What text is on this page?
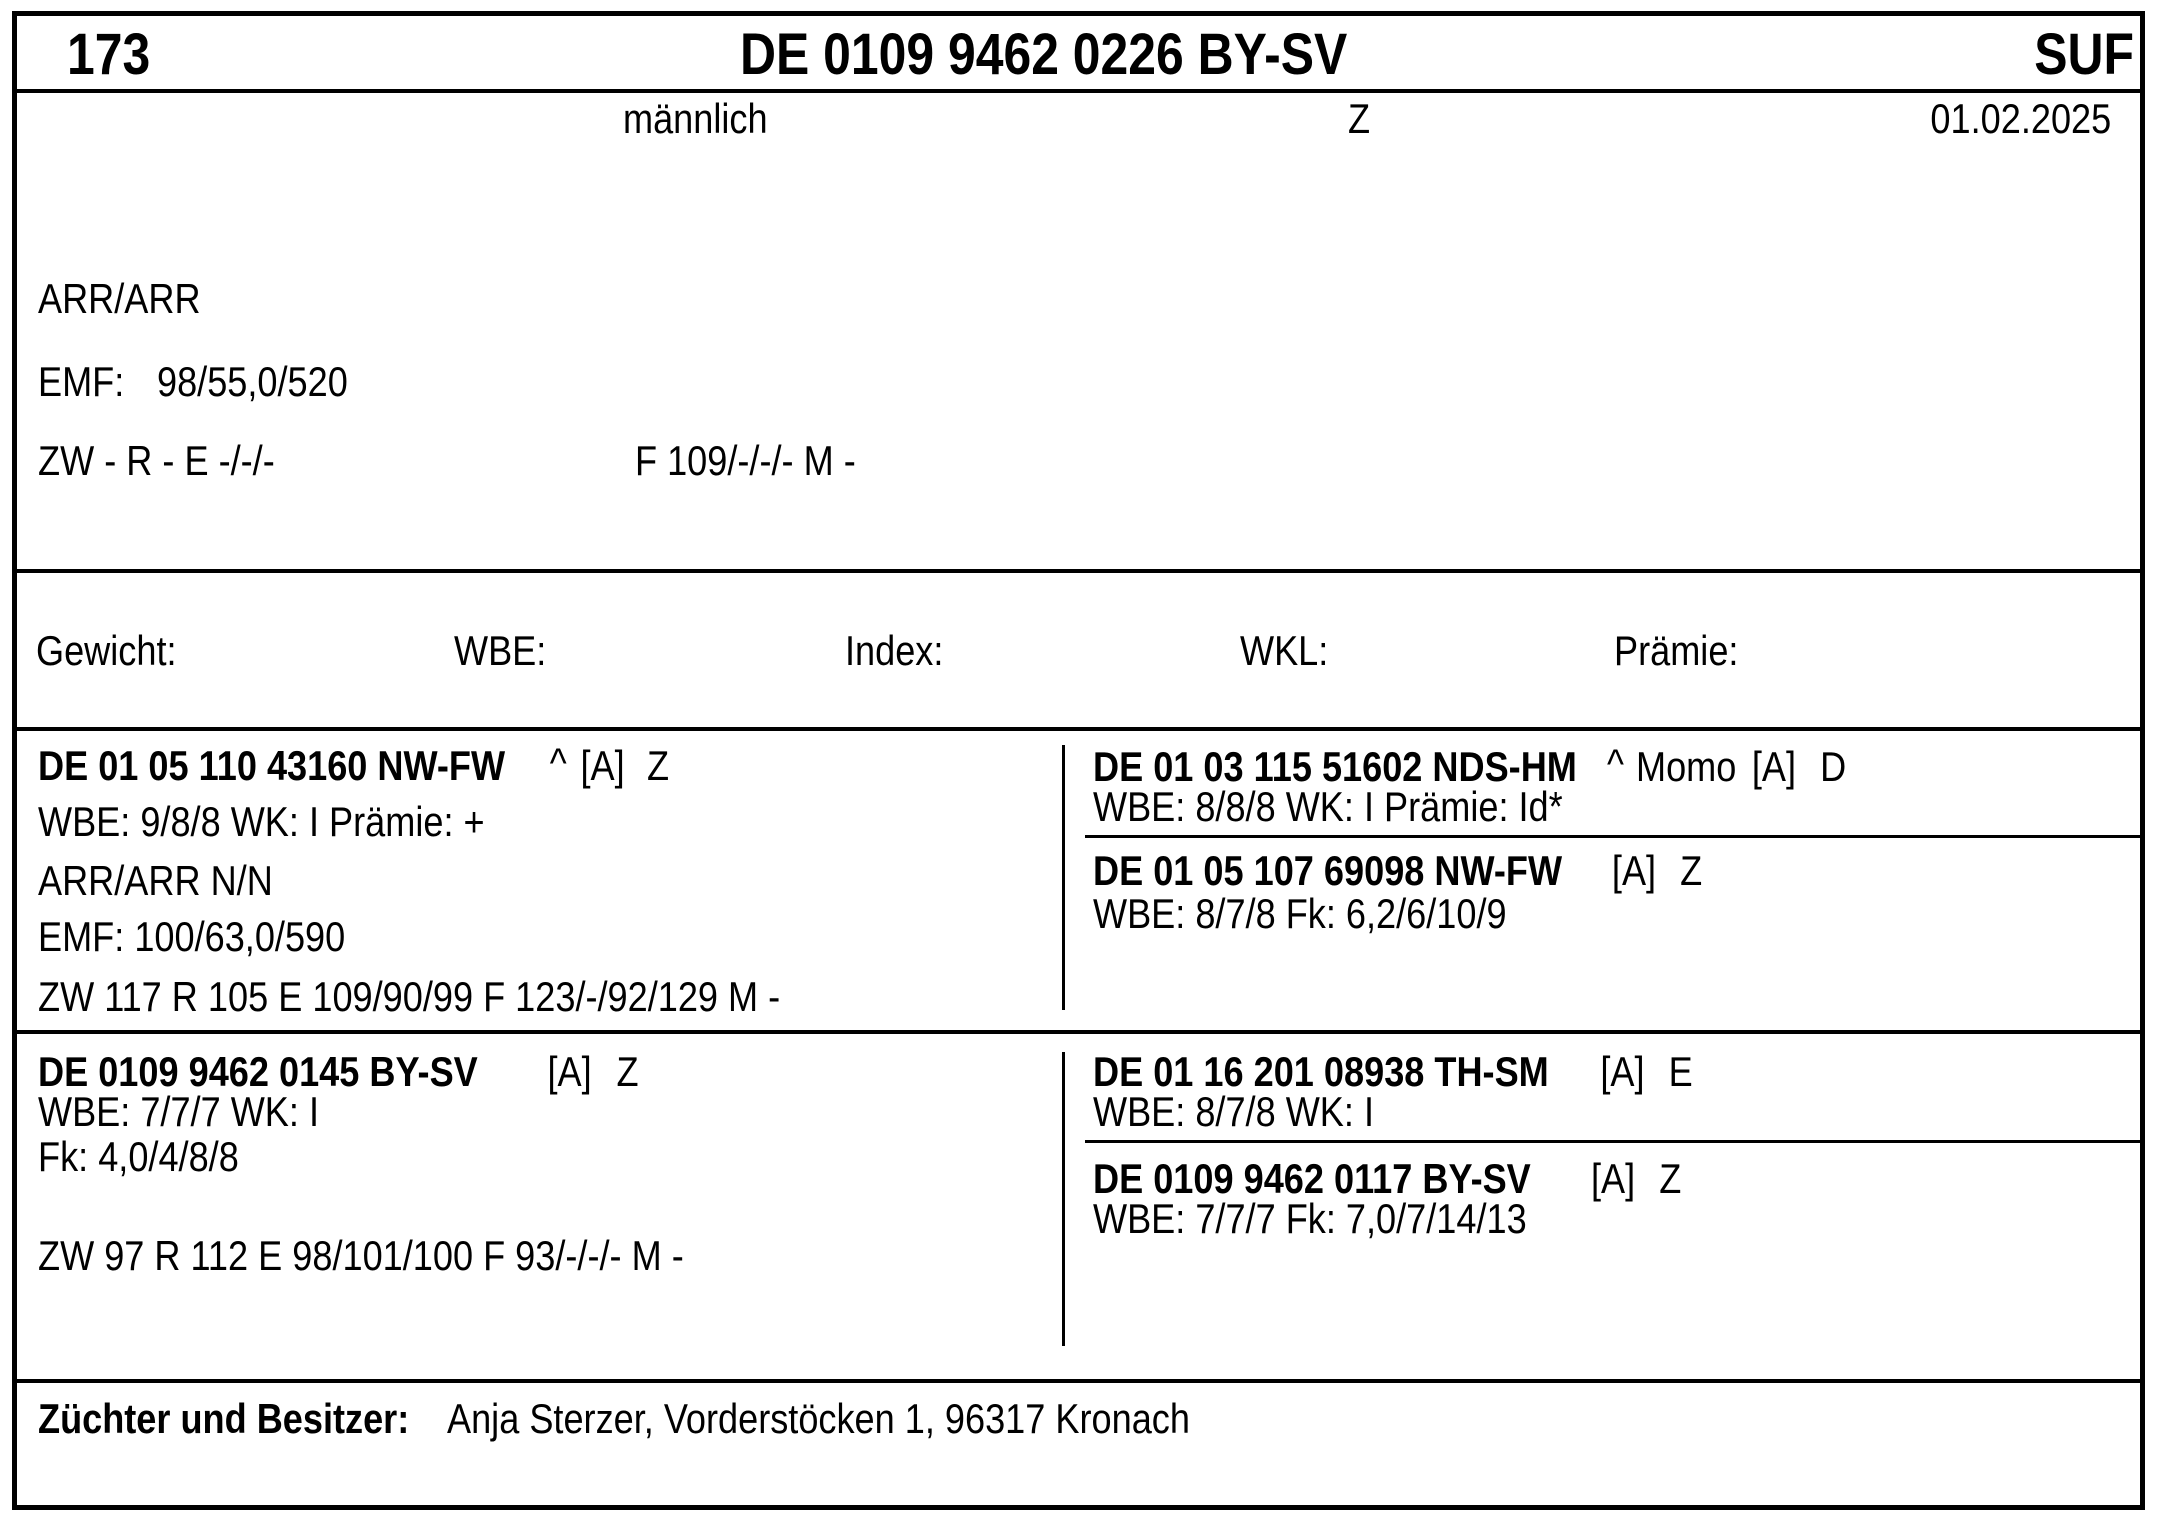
173	DE 0109 9462 0226 BY-SV	SUF
männlich	Z	01.02.2025
ARR/ARR
EMF: 98/55,0/520
ZW - R - E -/-/-	F 109/-/-/- M -
Gewicht:	WBE:	Index:	WKL:	Prämie:
DE 01 05 110 43160 NW-FW ^ [A] Z
WBE: 9/8/8 WK: I Prämie: +
ARR/ARR N/N
EMF: 100/63,0/590
ZW 117 R 105 E 109/90/99 F 123/-/92/129 M -
DE 01 03 115 51602 NDS-HM ^ Momo [A] D
WBE: 8/8/8 WK: I Prämie: Id*
DE 01 05 107 69098 NW-FW [A] Z
WBE: 8/7/8 Fk: 6,2/6/10/9
DE 0109 9462 0145 BY-SV [A] Z
WBE: 7/7/7 WK: I
Fk: 4,0/4/8/8
ZW 97 R 112 E 98/101/100 F 93/-/-/- M -
DE 01 16 201 08938 TH-SM [A] E
WBE: 8/7/8 WK: I
DE 0109 9462 0117 BY-SV [A] Z
WBE: 7/7/7 Fk: 7,0/7/14/13
Züchter und Besitzer: Anja Sterzer, Vorderstöcken 1, 96317 Kronach
